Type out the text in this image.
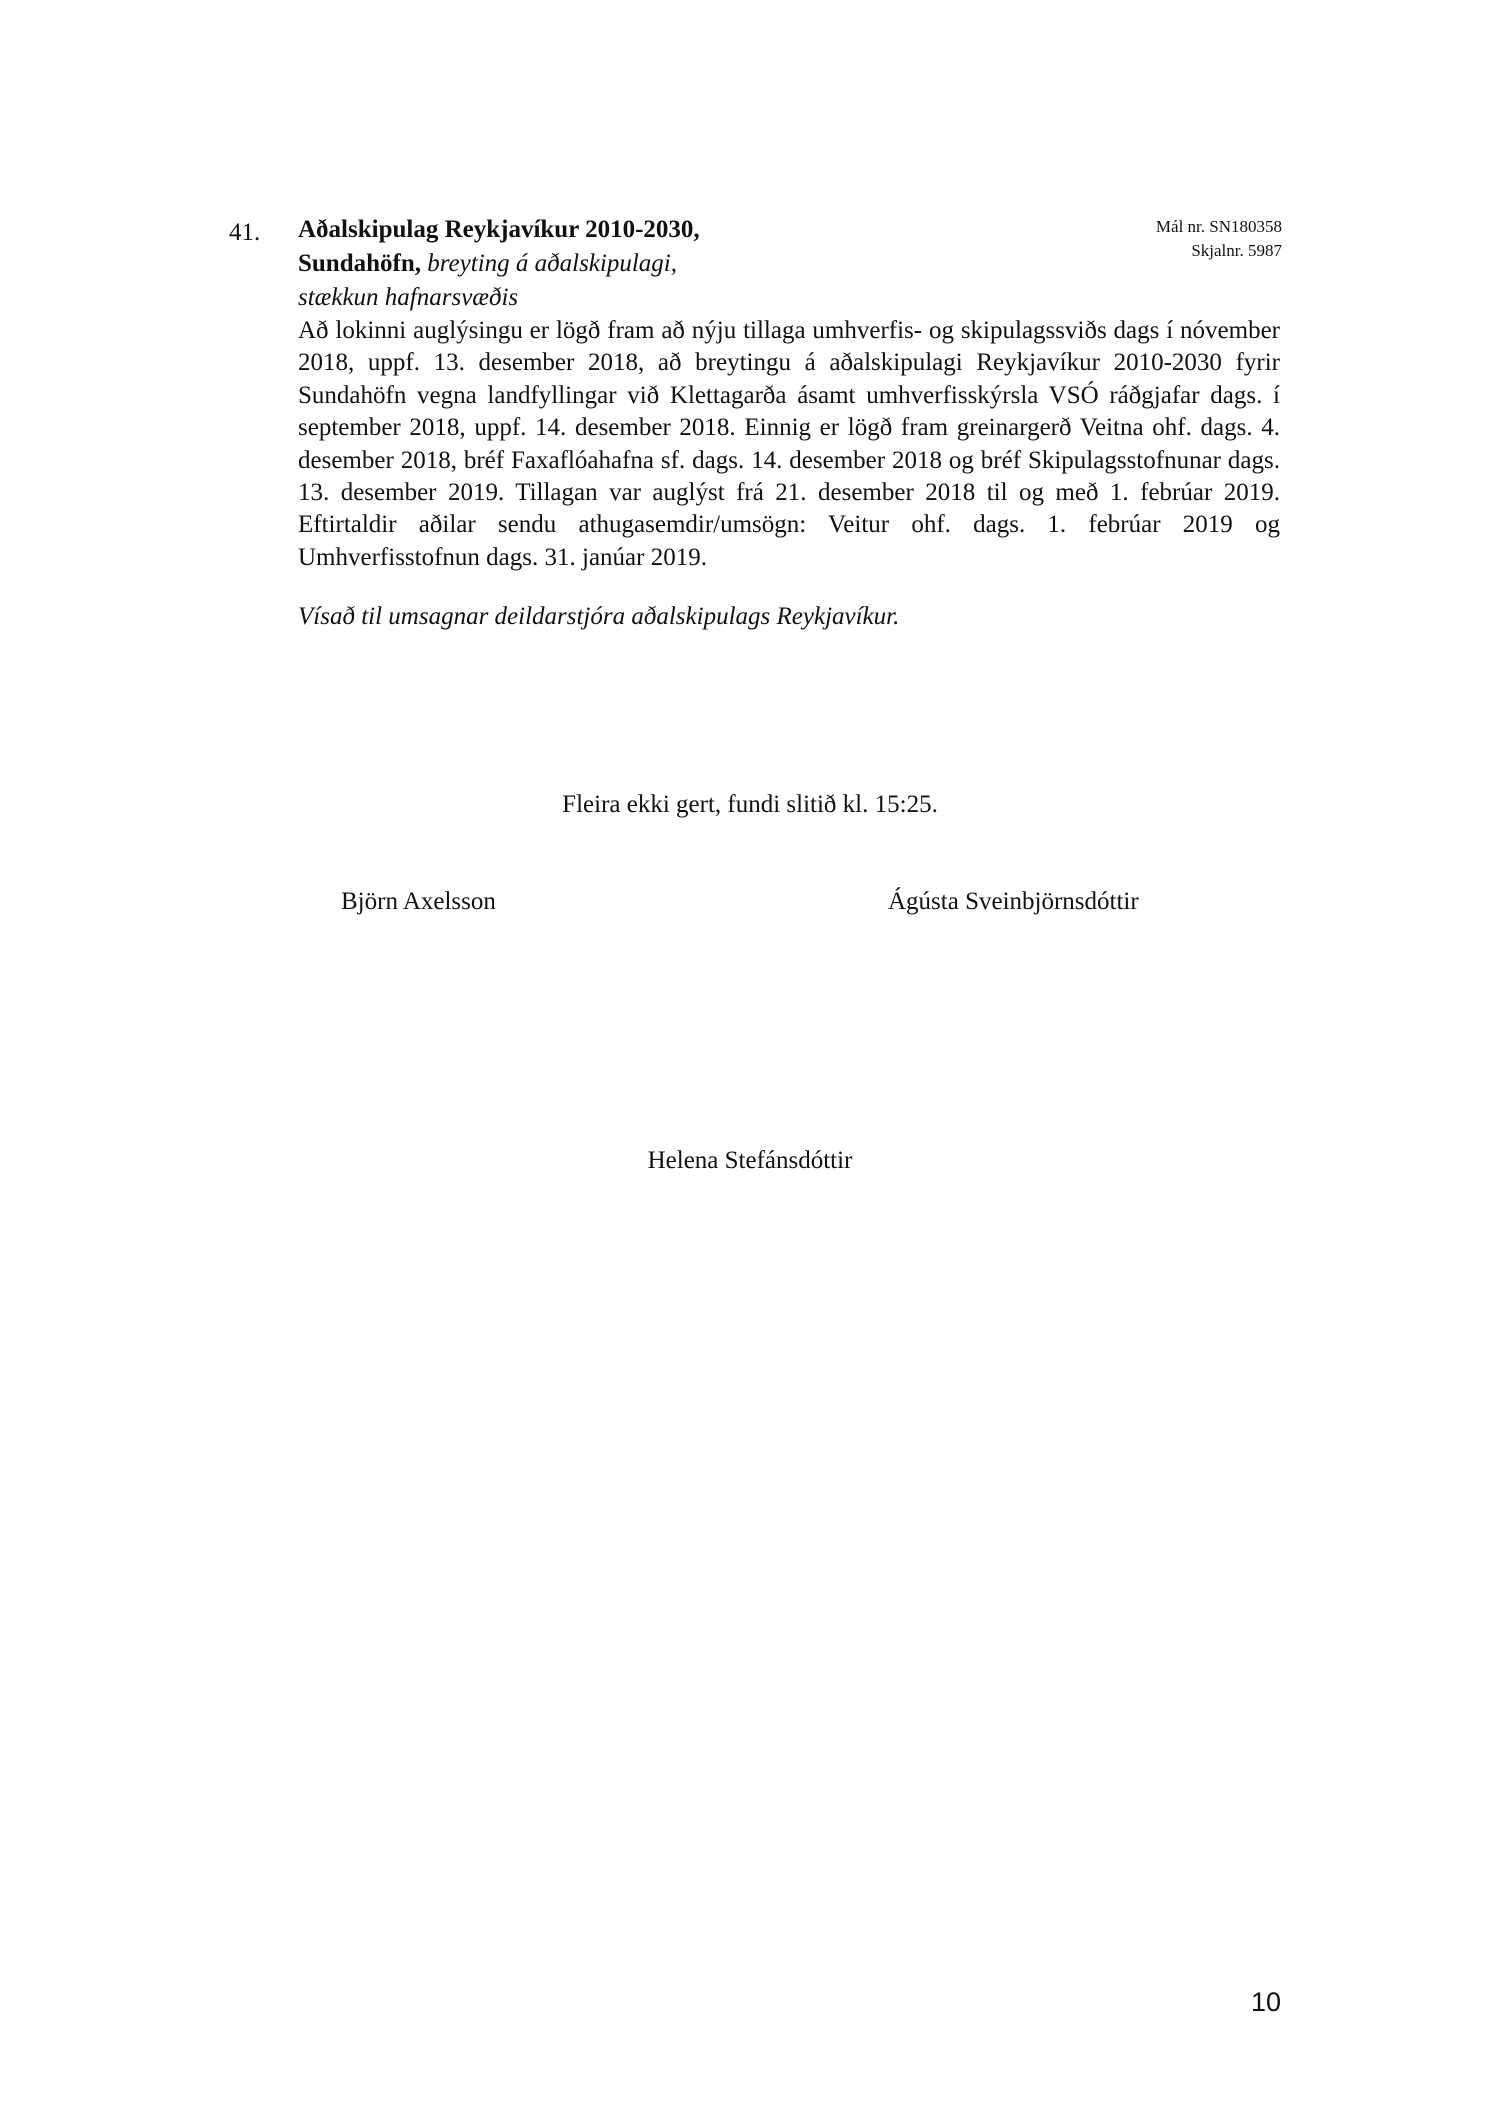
41. Aðalskipulag Reykjavíkur 2010-2030,
Sundahöfn, breyting á aðalskipulagi,
stækkun hafnarsvæðis
Mál nr. SN180358
Skjalnr. 5987

Að lokinni auglýsingu er lögð fram að nýju tillaga umhverfis- og skipulagssviðs dags í nóvember 2018, uppf. 13. desember 2018, að breytingu á aðalskipulagi Reykjavíkur 2010-2030 fyrir Sundahöfn vegna landfyllingar við Klettagarða ásamt umhverfisskýrsla VSÓ ráðgjafar dags. í september 2018, uppf. 14. desember 2018. Einnig er lögð fram greinargerð Veitna ohf. dags. 4. desember 2018, bréf Faxaflóahafna sf. dags. 14. desember 2018 og bréf Skipulagsstofnunar dags. 13. desember 2019. Tillagan var auglýst frá 21. desember 2018 til og með 1. febrúar 2019. Eftirtaldir aðilar sendu athugasemdir/umsögn: Veitur ohf. dags. 1. febrúar 2019 og Umhverfisstofnun dags. 31. janúar 2019.

Vísað til umsagnar deildarstjóra aðalskipulags Reykjavíkur.
Fleira ekki gert, fundi slitið kl. 15:25.
Björn Axelsson	Ágústa Sveinbjörnsdóttir
Helena Stefánsdóttir
10
